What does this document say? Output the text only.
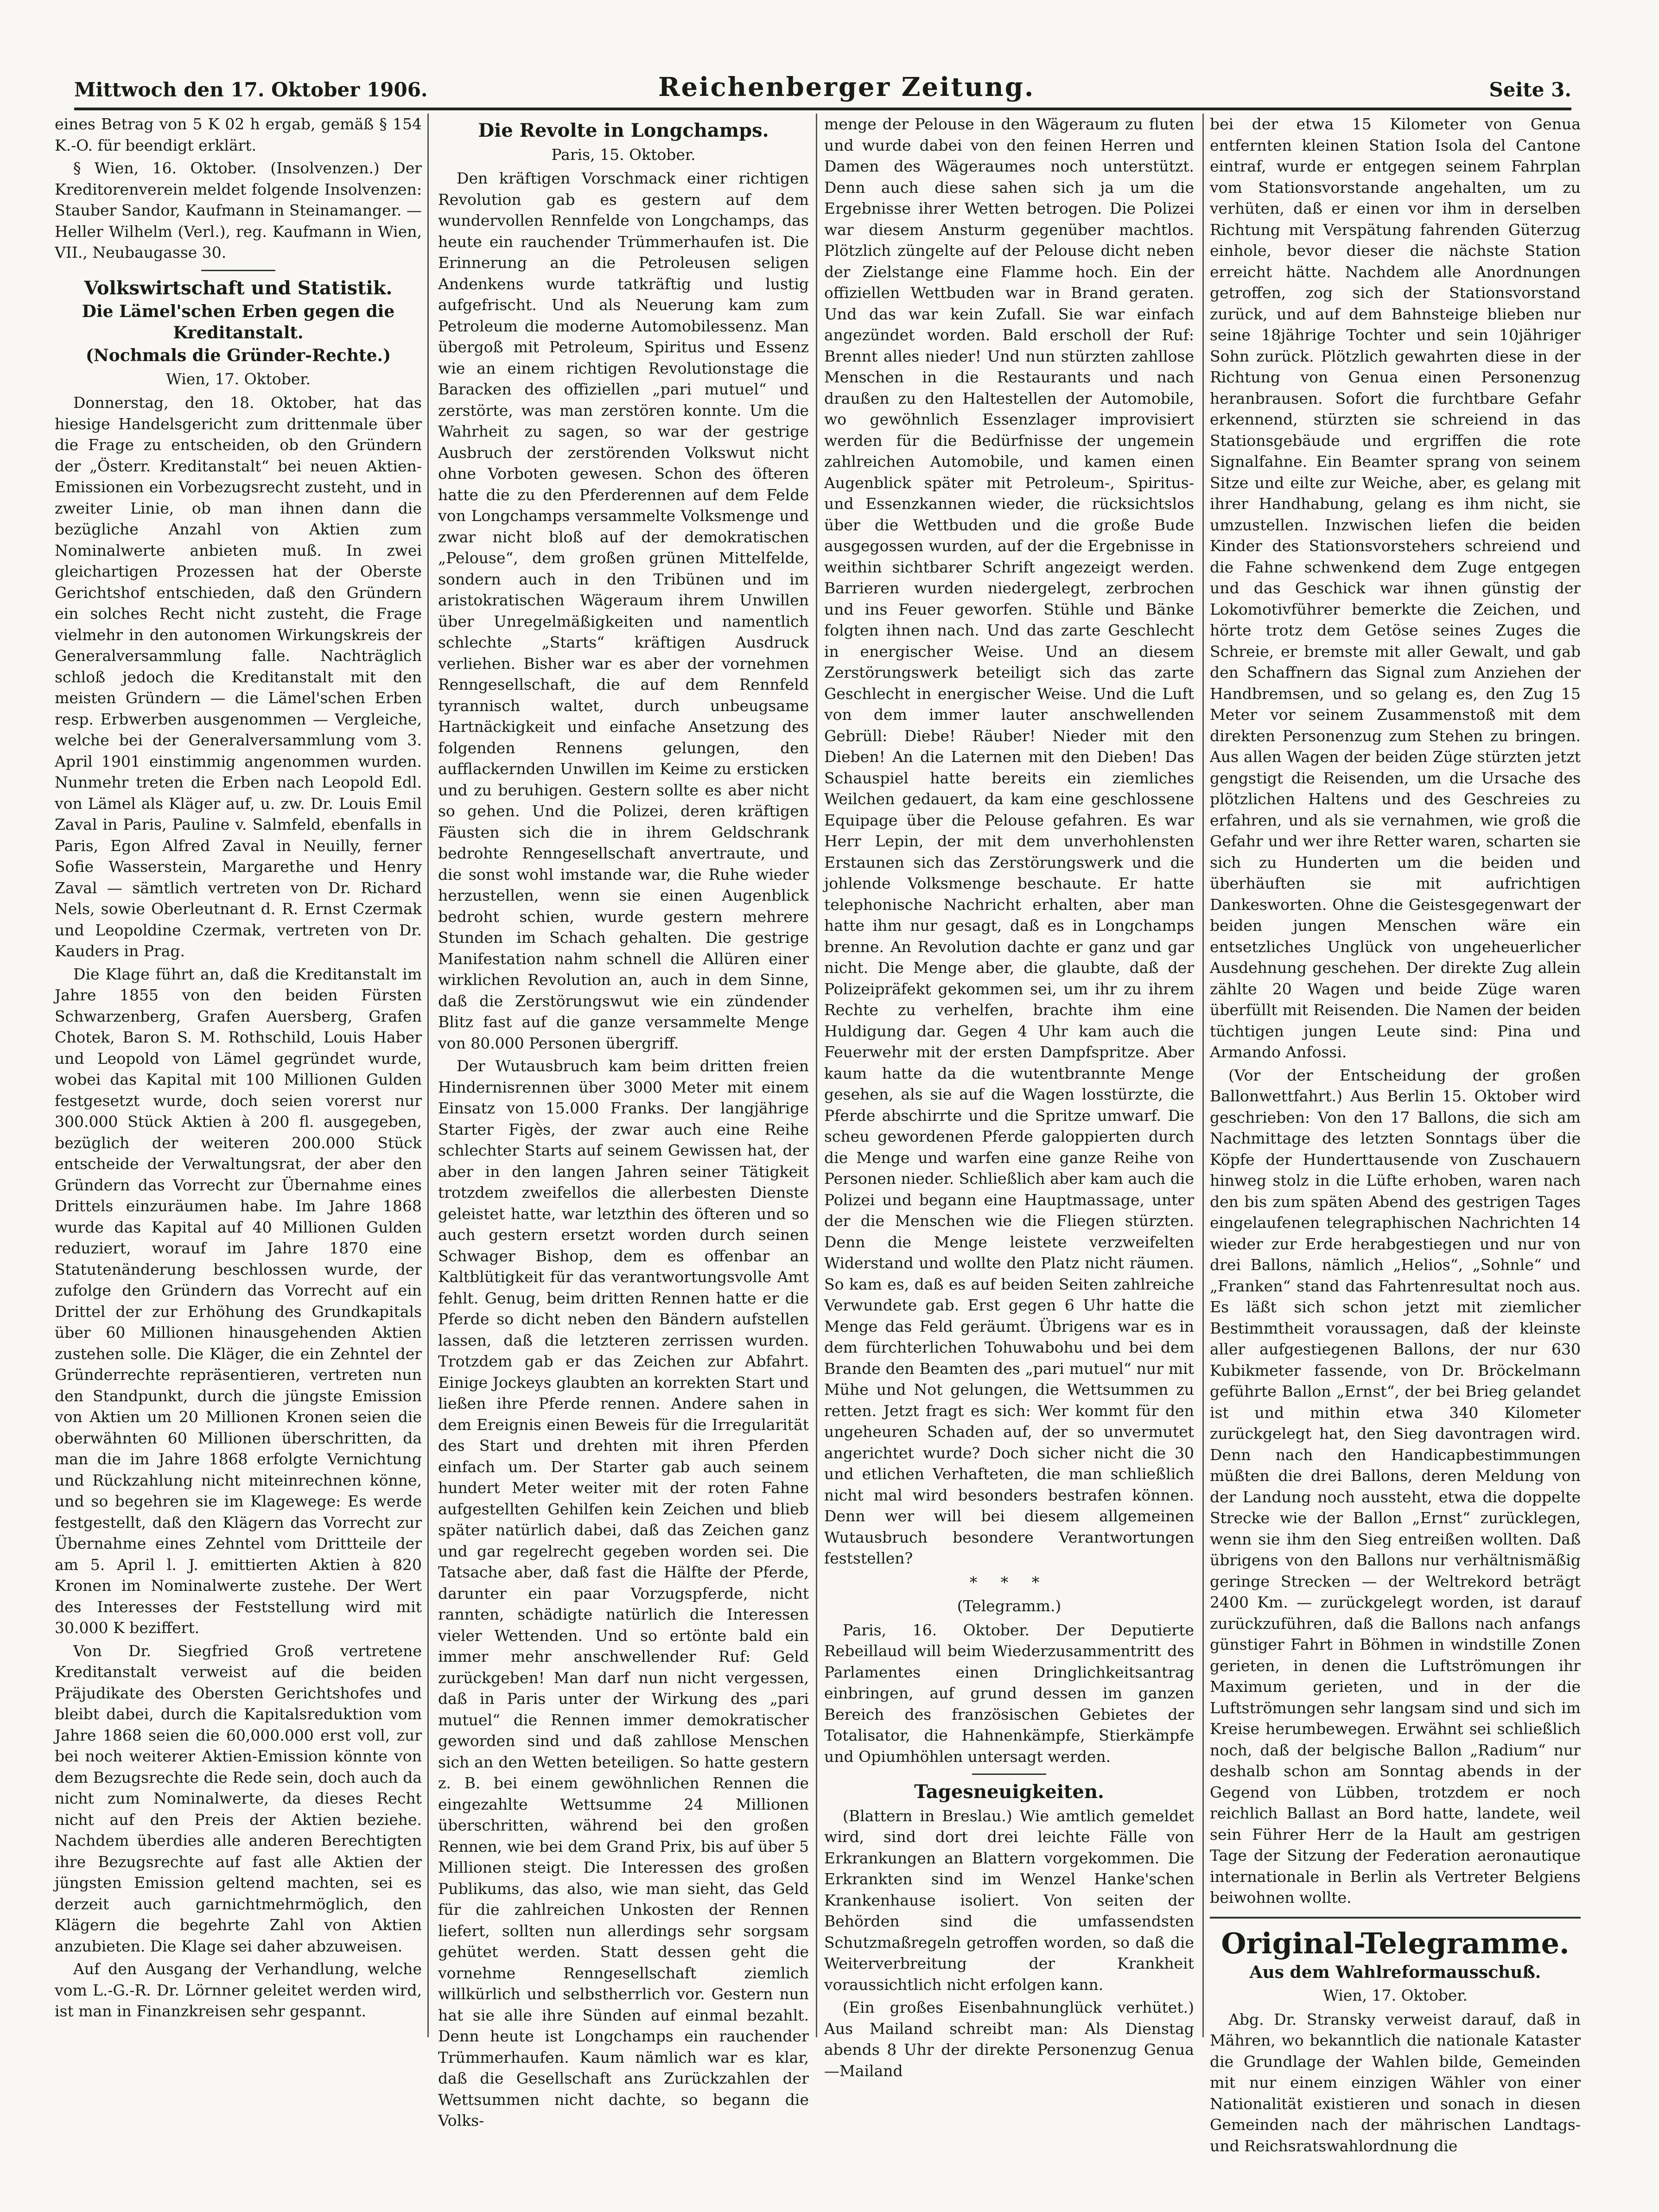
Mittwoch den 17. Oktober 1906.	Reichenberger Zeitung.	Seite 3.

eines Betrag von 5 K 02 h ergab, gemäß § 154 K.-O. für beendigt erklärt.

§ Wien, 16. Oktober. (Insolvenzen.) Der Kreditorenverein meldet folgende Insolvenzen: Stauber Sandor, Kaufmann in Steinamanger. — Heller Wilhelm (Verl.), reg. Kaufmann in Wien, VII., Neubaugasse 30.

Volkswirtschaft und Statistik.
Die Lämel'schen Erben gegen die Kreditanstalt.
(Nochmals die Gründer-Rechte.)
Wien, 17. Oktober.

Donnerstag, den 18. Oktober, hat das hiesige Handelsgericht zum drittenmale über die Frage zu entscheiden, ob den Gründern der „Österr. Kreditanstalt“ bei neuen Aktien-Emissionen ein Vorbezugsrecht zusteht, und in zweiter Linie, ob man ihnen dann die bezügliche Anzahl von Aktien zum Nominalwerte anbieten muß. In zwei gleichartigen Prozessen hat der Oberste Gerichtshof entschieden, daß den Gründern ein solches Recht nicht zusteht, die Frage vielmehr in den autonomen Wirkungskreis der Generalversammlung falle. Nachträglich schloß jedoch die Kreditanstalt mit den meisten Gründern — die Lämel'schen Erben resp. Erbwerben ausgenommen — Vergleiche, welche bei der Generalversammlung vom 3. April 1901 einstimmig angenommen wurden. Nunmehr treten die Erben nach Leopold Edl. von Lämel als Kläger auf, u. zw. Dr. Louis Emil Zaval in Paris, Pauline v. Salmfeld, ebenfalls in Paris, Egon Alfred Zaval in Neuilly, ferner Sofie Wasserstein, Margarethe und Henry Zaval — sämtlich vertreten von Dr. Richard Nels, sowie Oberleutnant d. R. Ernst Czermak und Leopoldine Czermak, vertreten von Dr. Kauders in Prag.

Die Klage führt an, daß die Kreditanstalt im Jahre 1855 von den beiden Fürsten Schwarzenberg, Grafen Auersberg, Grafen Chotek, Baron S. M. Rothschild, Louis Haber und Leopold von Lämel gegründet wurde, wobei das Kapital mit 100 Millionen Gulden festgesetzt wurde, doch seien vorerst nur 300.000 Stück Aktien à 200 fl. ausgegeben, bezüglich der weiteren 200.000 Stück entscheide der Verwaltungsrat, der aber den Gründern das Vorrecht zur Übernahme eines Drittels einzuräumen habe. Im Jahre 1868 wurde das Kapital auf 40 Millionen Gulden reduziert, worauf im Jahre 1870 eine Statutenänderung beschlossen wurde, der zufolge den Gründern das Vorrecht auf ein Drittel der zur Erhöhung des Grundkapitals über 60 Millionen hinausgehenden Aktien zustehen solle. Die Kläger, die ein Zehntel der Gründerrechte repräsentieren, vertreten nun den Standpunkt, durch die jüngste Emission von Aktien um 20 Millionen Kronen seien die oberwähnten 60 Millionen überschritten, da man die im Jahre 1868 erfolgte Vernichtung und Rückzahlung nicht miteinrechnen könne, und so begehren sie im Klagewege: Es werde festgestellt, daß den Klägern das Vorrecht zur Übernahme eines Zehntel vom Drittteile der am 5. April l. J. emittierten Aktien à 820 Kronen im Nominalwerte zustehe. Der Wert des Interesses der Feststellung wird mit 30.000 K beziffert.

Von Dr. Siegfried Groß vertretene Kreditanstalt verweist auf die beiden Präjudikate des Obersten Gerichtshofes und bleibt dabei, durch die Kapitalsreduktion vom Jahre 1868 seien die 60,000.000 erst voll, zur bei noch weiterer Aktien-Emission könnte von dem Bezugsrechte die Rede sein, doch auch da nicht zum Nominalwerte, da dieses Recht nicht auf den Preis der Aktien beziehe. Nachdem überdies alle anderen Berechtigten ihre Bezugsrechte auf fast alle Aktien der jüngsten Emission geltend machten, sei es derzeit auch garnichtmehrmöglich, den Klägern die begehrte Zahl von Aktien anzubieten. Die Klage sei daher abzuweisen.

Auf den Ausgang der Verhandlung, welche vom L.-G.-R. Dr. Lörnner geleitet werden wird, ist man in Finanzkreisen sehr gespannt.

Die Revolte in Longchamps.
Paris, 15. Oktober.

Den kräftigen Vorschmack einer richtigen Revolution gab es gestern auf dem wundervollen Rennfelde von Longchamps, das heute ein rauchender Trümmerhaufen ist. Die Erinnerung an die Petroleusen seligen Andenkens wurde tatkräftig und lustig aufgefrischt. Und als Neuerung kam zum Petroleum die moderne Automobilessenz. Man übergoß mit Petroleum, Spiritus und Essenz wie an einem richtigen Revolutionstage die Baracken des offiziellen „pari mutuel“ und zerstörte, was man zerstören konnte. Um die Wahrheit zu sagen, so war der gestrige Ausbruch der zerstörenden Volkswut nicht ohne Vorboten gewesen. Schon des öfteren hatte die zu den Pferderennen auf dem Felde von Longchamps versammelte Volksmenge und zwar nicht bloß auf der demokratischen „Pelouse“, dem großen grünen Mittelfelde, sondern auch in den Tribünen und im aristokratischen Wägeraum ihrem Unwillen über Unregelmäßigkeiten und namentlich schlechte „Starts“ kräftigen Ausdruck verliehen. Bisher war es aber der vornehmen Renngesellschaft, die auf dem Rennfeld tyrannisch waltet, durch unbeugsame Hartnäckigkeit und einfache Ansetzung des folgenden Rennens gelungen, den aufflackernden Unwillen im Keime zu ersticken und zu beruhigen. Gestern sollte es aber nicht so gehen. Und die Polizei, deren kräftigen Fäusten sich die in ihrem Geldschrank bedrohte Renngesellschaft anvertraute, und die sonst wohl imstande war, die Ruhe wieder herzustellen, wenn sie einen Augenblick bedroht schien, wurde gestern mehrere Stunden im Schach gehalten. Die gestrige Manifestation nahm schnell die Allüren einer wirklichen Revolution an, auch in dem Sinne, daß die Zerstörungswut wie ein zündender Blitz fast auf die ganze versammelte Menge von 80.000 Personen übergriff.

Der Wutausbruch kam beim dritten freien Hindernisrennen über 3000 Meter mit einem Einsatz von 15.000 Franks. Der langjährige Starter Figès, der zwar auch eine Reihe schlechter Starts auf seinem Gewissen hat, der aber in den langen Jahren seiner Tätigkeit trotzdem zweifellos die allerbesten Dienste geleistet hatte, war letzthin des öfteren und so auch gestern ersetzt worden durch seinen Schwager Bishop, dem es offenbar an Kaltblütigkeit für das verantwortungsvolle Amt fehlt. Genug, beim dritten Rennen hatte er die Pferde so dicht neben den Bändern aufstellen lassen, daß die letzteren zerrissen wurden. Trotzdem gab er das Zeichen zur Abfahrt. Einige Jockeys glaubten an korrekten Start und ließen ihre Pferde rennen. Andere sahen in dem Ereignis einen Beweis für die Irregularität des Start und drehten mit ihren Pferden einfach um. Der Starter gab auch seinem hundert Meter weiter mit der roten Fahne aufgestellten Gehilfen kein Zeichen und blieb später natürlich dabei, daß das Zeichen ganz und gar regelrecht gegeben worden sei. Die Tatsache aber, daß fast die Hälfte der Pferde, darunter ein paar Vorzugspferde, nicht rannten, schädigte natürlich die Interessen vieler Wettenden. Und so ertönte bald ein immer mehr anschwellender Ruf: Geld zurückgeben! Man darf nun nicht vergessen, daß in Paris unter der Wirkung des „pari mutuel“ die Rennen immer demokratischer geworden sind und daß zahllose Menschen sich an den Wetten beteiligen. So hatte gestern z. B. bei einem gewöhnlichen Rennen die eingezahlte Wettsumme 24 Millionen überschritten, während bei den großen Rennen, wie bei dem Grand Prix, bis auf über 5 Millionen steigt. Die Interessen des großen Publikums, das also, wie man sieht, das Geld für die zahlreichen Unkosten der Rennen liefert, sollten nun allerdings sehr sorgsam gehütet werden. Statt dessen geht die vornehme Renngesellschaft ziemlich willkürlich und selbstherrlich vor. Gestern nun hat sie alle ihre Sünden auf einmal bezahlt. Denn heute ist Longchamps ein rauchender Trümmerhaufen. Kaum nämlich war es klar, daß die Gesellschaft ans Zurückzahlen der Wettsummen nicht dachte, so begann die Volks-

menge der Pelouse in den Wägeraum zu fluten und wurde dabei von den feinen Herren und Damen des Wägeraumes noch unterstützt. Denn auch diese sahen sich ja um die Ergebnisse ihrer Wetten betrogen. Die Polizei war diesem Ansturm gegenüber machtlos. Plötzlich züngelte auf der Pelouse dicht neben der Zielstange eine Flamme hoch. Ein der offiziellen Wettbuden war in Brand geraten. Und das war kein Zufall. Sie war einfach angezündet worden. Bald erscholl der Ruf: Brennt alles nieder! Und nun stürzten zahllose Menschen in die Restaurants und nach draußen zu den Haltestellen der Automobile, wo gewöhnlich Essenzlager improvisiert werden für die Bedürfnisse der ungemein zahlreichen Automobile, und kamen einen Augenblick später mit Petroleum-, Spiritus- und Essenzkannen wieder, die rücksichtslos über die Wettbuden und die große Bude ausgegossen wurden, auf der die Ergebnisse in weithin sichtbarer Schrift angezeigt werden. Barrieren wurden niedergelegt, zerbrochen und ins Feuer geworfen. Stühle und Bänke folgten ihnen nach. Und das zarte Geschlecht in energischer Weise. Und an diesem Zerstörungswerk beteiligt sich das zarte Geschlecht in energischer Weise. Und die Luft von dem immer lauter anschwellenden Gebrüll: Diebe! Räuber! Nieder mit den Dieben! An die Laternen mit den Dieben! Das Schauspiel hatte bereits ein ziemliches Weilchen gedauert, da kam eine geschlossene Equipage über die Pelouse gefahren. Es war Herr Lepin, der mit dem unverhohlensten Erstaunen sich das Zerstörungswerk und die johlende Volksmenge beschaute. Er hatte telephonische Nachricht erhalten, aber man hatte ihm nur gesagt, daß es in Longchamps brenne. An Revolution dachte er ganz und gar nicht. Die Menge aber, die glaubte, daß der Polizeipräfekt gekommen sei, um ihr zu ihrem Rechte zu verhelfen, brachte ihm eine Huldigung dar. Gegen 4 Uhr kam auch die Feuerwehr mit der ersten Dampfspritze. Aber kaum hatte da die wutentbrannte Menge gesehen, als sie auf die Wagen losstürzte, die Pferde abschirrte und die Spritze umwarf. Die scheu gewordenen Pferde galoppierten durch die Menge und warfen eine ganze Reihe von Personen nieder. Schließlich aber kam auch die Polizei und begann eine Hauptmassage, unter der die Menschen wie die Fliegen stürzten. Denn die Menge leistete verzweifelten Widerstand und wollte den Platz nicht räumen. So kam es, daß es auf beiden Seiten zahlreiche Verwundete gab. Erst gegen 6 Uhr hatte die Menge das Feld geräumt. Übrigens war es in dem fürchterlichen Tohuwabohu und bei dem Brande den Beamten des „pari mutuel“ nur mit Mühe und Not gelungen, die Wettsummen zu retten. Jetzt fragt es sich: Wer kommt für den ungeheuren Schaden auf, der so unvermutet angerichtet wurde? Doch sicher nicht die 30 und etlichen Verhafteten, die man schließlich nicht mal wird besonders bestrafen können. Denn wer will bei diesem allgemeinen Wutausbruch besondere Verantwortungen feststellen?

* * *
(Telegramm.)

Paris, 16. Oktober. Der Deputierte Rebeillaud will beim Wiederzusammentritt des Parlamentes einen Dringlichkeitsantrag einbringen, auf grund dessen im ganzen Bereich des französischen Gebietes der Totalisator, die Hahnenkämpfe, Stierkämpfe und Opiumhöhlen untersagt werden.

Tagesneuigkeiten.

(Blattern in Breslau.) Wie amtlich gemeldet wird, sind dort drei leichte Fälle von Erkrankungen an Blattern vorgekommen. Die Erkrankten sind im Wenzel Hanke'schen Krankenhause isoliert. Von seiten der Behörden sind die umfassendsten Schutzmaßregeln getroffen worden, so daß die Weiterverbreitung der Krankheit voraussichtlich nicht erfolgen kann.

(Ein großes Eisenbahnunglück verhütet.) Aus Mailand schreibt man: Als Dienstag abends 8 Uhr der direkte Personenzug Genua—Mailand

bei der etwa 15 Kilometer von Genua entfernten kleinen Station Isola del Cantone eintraf, wurde er entgegen seinem Fahrplan vom Stationsvorstande angehalten, um zu verhüten, daß er einen vor ihm in derselben Richtung mit Verspätung fahrenden Güterzug einhole, bevor dieser die nächste Station erreicht hätte. Nachdem alle Anordnungen getroffen, zog sich der Stationsvorstand zurück, und auf dem Bahnsteige blieben nur seine 18jährige Tochter und sein 10jähriger Sohn zurück. Plötzlich gewahrten diese in der Richtung von Genua einen Personenzug heranbrausen. Sofort die furchtbare Gefahr erkennend, stürzten sie schreiend in das Stationsgebäude und ergriffen die rote Signalfahne. Ein Beamter sprang von seinem Sitze und eilte zur Weiche, aber, es gelang mit ihrer Handhabung, gelang es ihm nicht, sie umzustellen. Inzwischen liefen die beiden Kinder des Stationsvorstehers schreiend und die Fahne schwenkend dem Zuge entgegen und das Geschick war ihnen günstig der Lokomotivführer bemerkte die Zeichen, und hörte trotz dem Getöse seines Zuges die Schreie, er bremste mit aller Gewalt, und gab den Schaffnern das Signal zum Anziehen der Handbremsen, und so gelang es, den Zug 15 Meter vor seinem Zusammenstoß mit dem direkten Personenzug zum Stehen zu bringen. Aus allen Wagen der beiden Züge stürzten jetzt gengstigt die Reisenden, um die Ursache des plötzlichen Haltens und des Geschreies zu erfahren, und als sie vernahmen, wie groß die Gefahr und wer ihre Retter waren, scharten sie sich zu Hunderten um die beiden und überhäuften sie mit aufrichtigen Dankesworten. Ohne die Geistesgegenwart der beiden jungen Menschen wäre ein entsetzliches Unglück von ungeheuerlicher Ausdehnung geschehen. Der direkte Zug allein zählte 20 Wagen und beide Züge waren überfüllt mit Reisenden. Die Namen der beiden tüchtigen jungen Leute sind: Pina und Armando Anfossi.

(Vor der Entscheidung der großen Ballonwettfahrt.) Aus Berlin 15. Oktober wird geschrieben: Von den 17 Ballons, die sich am Nachmittage des letzten Sonntags über die Köpfe der Hunderttausende von Zuschauern hinweg stolz in die Lüfte erhoben, waren nach den bis zum späten Abend des gestrigen Tages eingelaufenen telegraphischen Nachrichten 14 wieder zur Erde herabgestiegen und nur von drei Ballons, nämlich „Helios“, „Sohnle“ und „Franken“ stand das Fahrtenresultat noch aus. Es läßt sich schon jetzt mit ziemlicher Bestimmtheit voraussagen, daß der kleinste aller aufgestiegenen Ballons, der nur 630 Kubikmeter fassende, von Dr. Bröckelmann geführte Ballon „Ernst“, der bei Brieg gelandet ist und mithin etwa 340 Kilometer zurückgelegt hat, den Sieg davontragen wird. Denn nach den Handicapbestimmungen müßten die drei Ballons, deren Meldung von der Landung noch aussteht, etwa die doppelte Strecke wie der Ballon „Ernst“ zurücklegen, wenn sie ihm den Sieg entreißen wollten. Daß übrigens von den Ballons nur verhältnismäßig geringe Strecken — der Weltrekord beträgt 2400 Km. — zurückgelegt worden, ist darauf zurückzuführen, daß die Ballons nach anfangs günstiger Fahrt in Böhmen in windstille Zonen gerieten, in denen die Luftströmungen ihr Maximum gerieten, und in der die Luftströmungen sehr langsam sind und sich im Kreise herumbewegen. Erwähnt sei schließlich noch, daß der belgische Ballon „Radium“ nur deshalb schon am Sonntag abends in der Gegend von Lübben, trotzdem er noch reichlich Ballast an Bord hatte, landete, weil sein Führer Herr de la Hault am gestrigen Tage der Sitzung der Federation aeronautique internationale in Berlin als Vertreter Belgiens beiwohnen wollte.

Original-Telegramme.
Aus dem Wahlreformausschuß.
Wien, 17. Oktober.

Abg. Dr. Stransky verweist darauf, daß in Mähren, wo bekanntlich die nationale Kataster die Grundlage der Wahlen bilde, Gemeinden mit nur einem einzigen Wähler von einer Nationalität existieren und sonach in diesen Gemeinden nach der mährischen Landtags- und Reichsratswahlordnung die
